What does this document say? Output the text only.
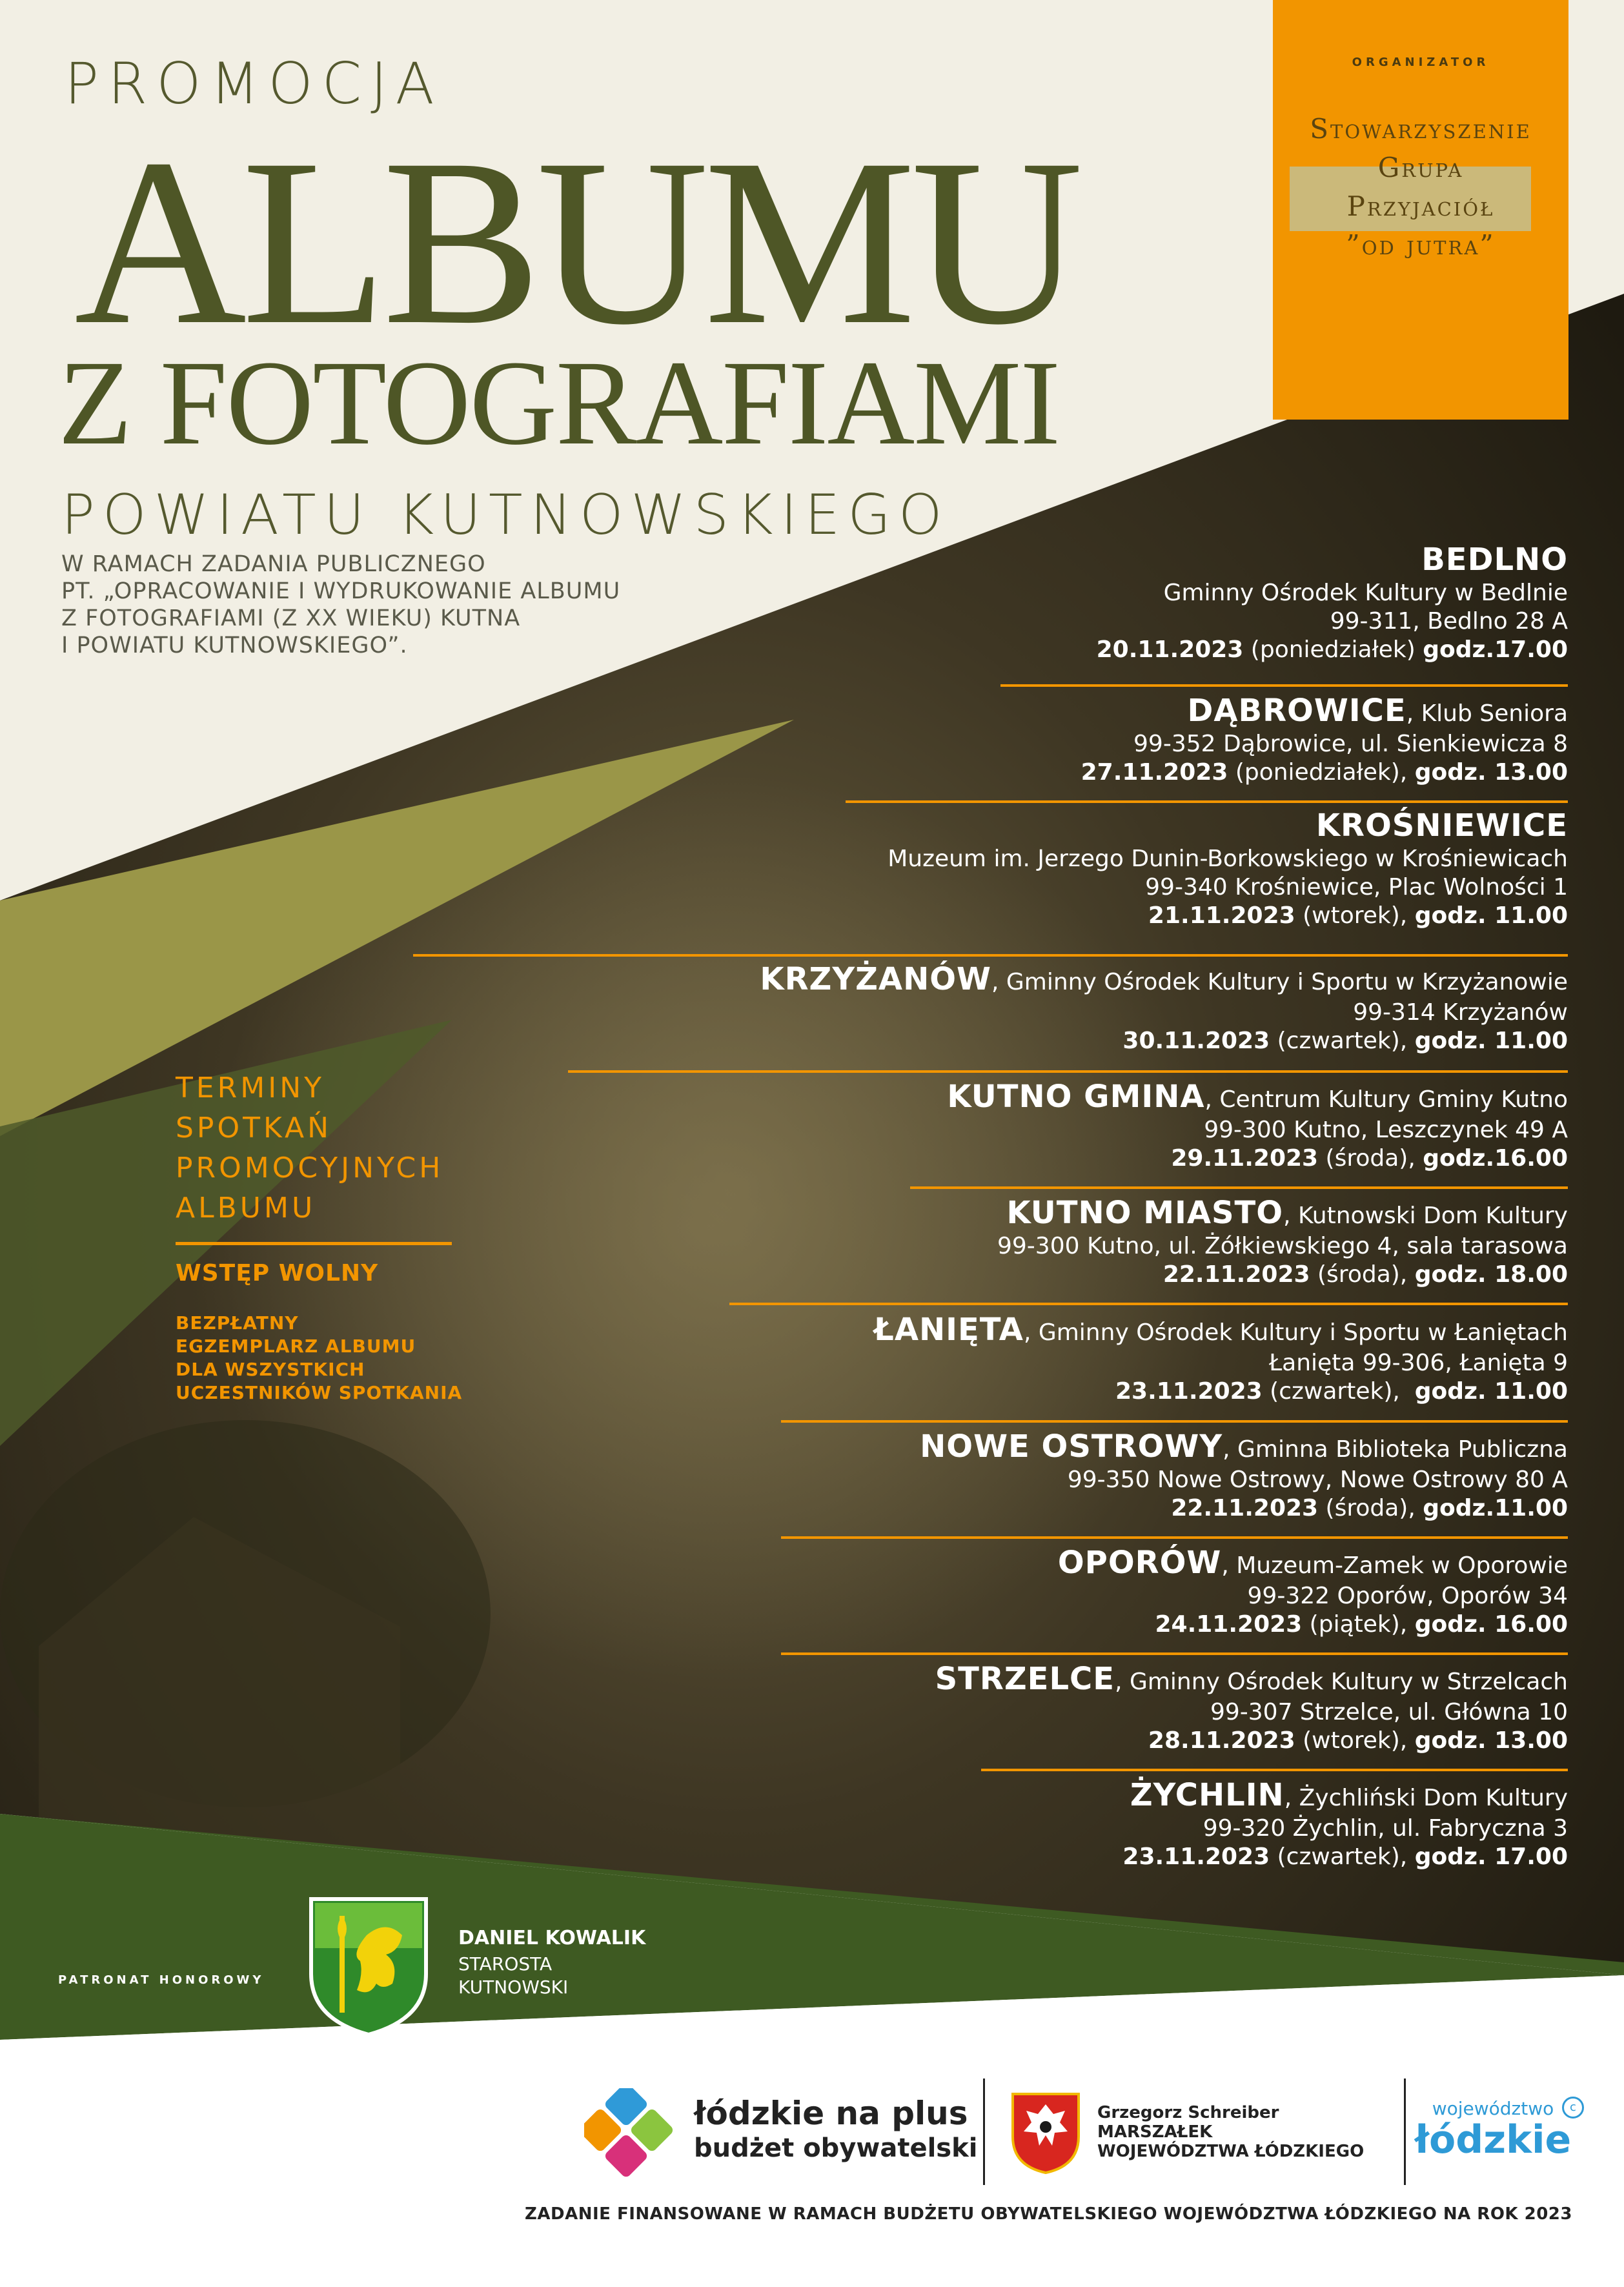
ORGANIZATOR
Stowarzyszenie
Grupa
Przyjaciół
”od jutra”
PROMOCJA
ALBUMU
Z FOTOGRAFIAMI
POWIATU KUTNOWSKIEGO
W RAMACH ZADANIA PUBLICZNEGO
PT. „OPRACOWANIE I WYDRUKOWANIE ALBUMU
Z FOTOGRAFIAMI (Z XX WIEKU) KUTNA
I POWIATU KUTNOWSKIEGO”.
BEDLNO
Gminny Ośrodek Kultury w Bedlnie
99-311, Bedlno 28 A
20.11.2023 (poniedziałek) godz.17.00
DĄBROWICE, Klub Seniora
99-352 Dąbrowice, ul. Sienkiewicza 8
27.11.2023 (poniedziałek), godz. 13.00
KROŚNIEWICE
Muzeum im. Jerzego Dunin-Borkowskiego w Krośniewicach
99-340 Krośniewice, Plac Wolności 1
21.11.2023 (wtorek), godz. 11.00
KRZYŻANÓW, Gminny Ośrodek Kultury i Sportu w Krzyżanowie
99-314 Krzyżanów
30.11.2023 (czwartek), godz. 11.00
KUTNO GMINA, Centrum Kultury Gminy Kutno
99-300 Kutno, Leszczynek 49 A
29.11.2023 (środa), godz.16.00
KUTNO MIASTO, Kutnowski Dom Kultury
99-300 Kutno, ul. Żółkiewskiego 4, sala tarasowa
22.11.2023 (środa), godz. 18.00
ŁANIĘTA, Gminny Ośrodek Kultury i Sportu w Łaniętach
Łanięta 99-306, Łanięta 9
23.11.2023 (czwartek),  godz. 11.00
NOWE OSTROWY, Gminna Biblioteka Publiczna
99-350 Nowe Ostrowy, Nowe Ostrowy 80 A
22.11.2023 (środa), godz.11.00
OPORÓW, Muzeum-Zamek w Oporowie
99-322 Oporów, Oporów 34
24.11.2023 (piątek), godz. 16.00
STRZELCE, Gminny Ośrodek Kultury w Strzelcach
99-307 Strzelce, ul. Główna 10
28.11.2023 (wtorek), godz. 13.00
ŻYCHLIN, Żychliński Dom Kultury
99-320 Żychlin, ul. Fabryczna 3
23.11.2023 (czwartek), godz. 17.00
TERMINY
SPOTKAŃ
PROMOCYJNYCH
ALBUMU
WSTĘP WOLNY
BEZPŁATNY
EGZEMPLARZ ALBUMU
DLA WSZYSTKICH
UCZESTNIKÓW SPOTKANIA
PATRONAT HONOROWY
DANIEL KOWALIK
STAROSTA
KUTNOWSKI
łódzkie na plus
budżet obywatelski
Grzegorz Schreiber
MARSZAŁEK
WOJEWÓDZTWA ŁÓDZKIEGO
województwo
łódzkie
c
ZADANIE FINANSOWANE W RAMACH BUDŻETU OBYWATELSKIEGO WOJEWÓDZTWA ŁÓDZKIEGO NA ROK 2023
